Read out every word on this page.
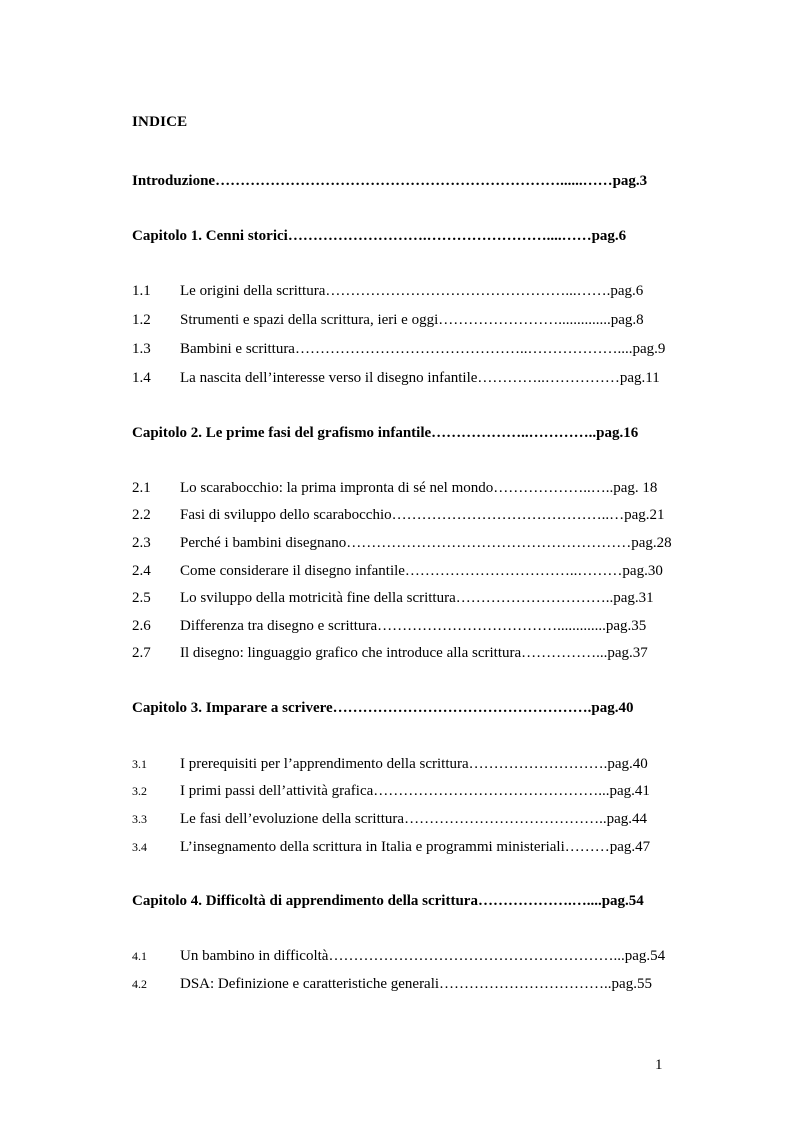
INDICE
Introduzione……………………………………………………………......……pag.3
Capitolo 1. Cenni storici……………………….……………………....……pag.6
1.1 Le origini della scrittura…………………………………………...…….pag.6
1.2 Strumenti e spazi della scrittura, ieri e oggi……………………..............pag.8
1.3 Bambini e scrittura………………………………………..………………....pag.9
1.4 La nascita dell’interesse verso il disegno infantile…………..……………pag.11
Capitolo 2. Le prime fasi del grafismo infantile………………..…………..pag.16
2.1 Lo scarabocchio: la prima impronta di sé nel mondo………………..…..pag. 18
2.2 Fasi di sviluppo dello scarabocchio……………………………………..…pag.21
2.3 Perché i bambini disegnano…………………………………………………pag.28
2.4 Come considerare il disegno infantile……………………………..………pag.30
2.5 Lo sviluppo della motricità fine della scrittura…………………………..pag.31
2.6 Differenza tra disegno e scrittura……………………………….............pag.35
2.7 Il disegno: linguaggio grafico che introduce alla scrittura……………...pag.37
Capitolo 3. Imparare a scrivere…………………………………………….pag.40
3.1 I prerequisiti per l’apprendimento della scrittura……………………….pag.40
3.2 I primi passi dell’attività grafica………………………………………...pag.41
3.3 Le fasi dell’evoluzione della scrittura…………………………………..pag.44
3.4 L’insegnamento della scrittura in Italia e programmi ministeriali………pag.47
Capitolo 4. Difficoltà di apprendimento della scrittura……………….…....pag.54
4.1 Un bambino in difficoltà…………………………………………………...pag.54
4.2 DSA: Definizione e caratteristiche generali……………………………..pag.55
1
